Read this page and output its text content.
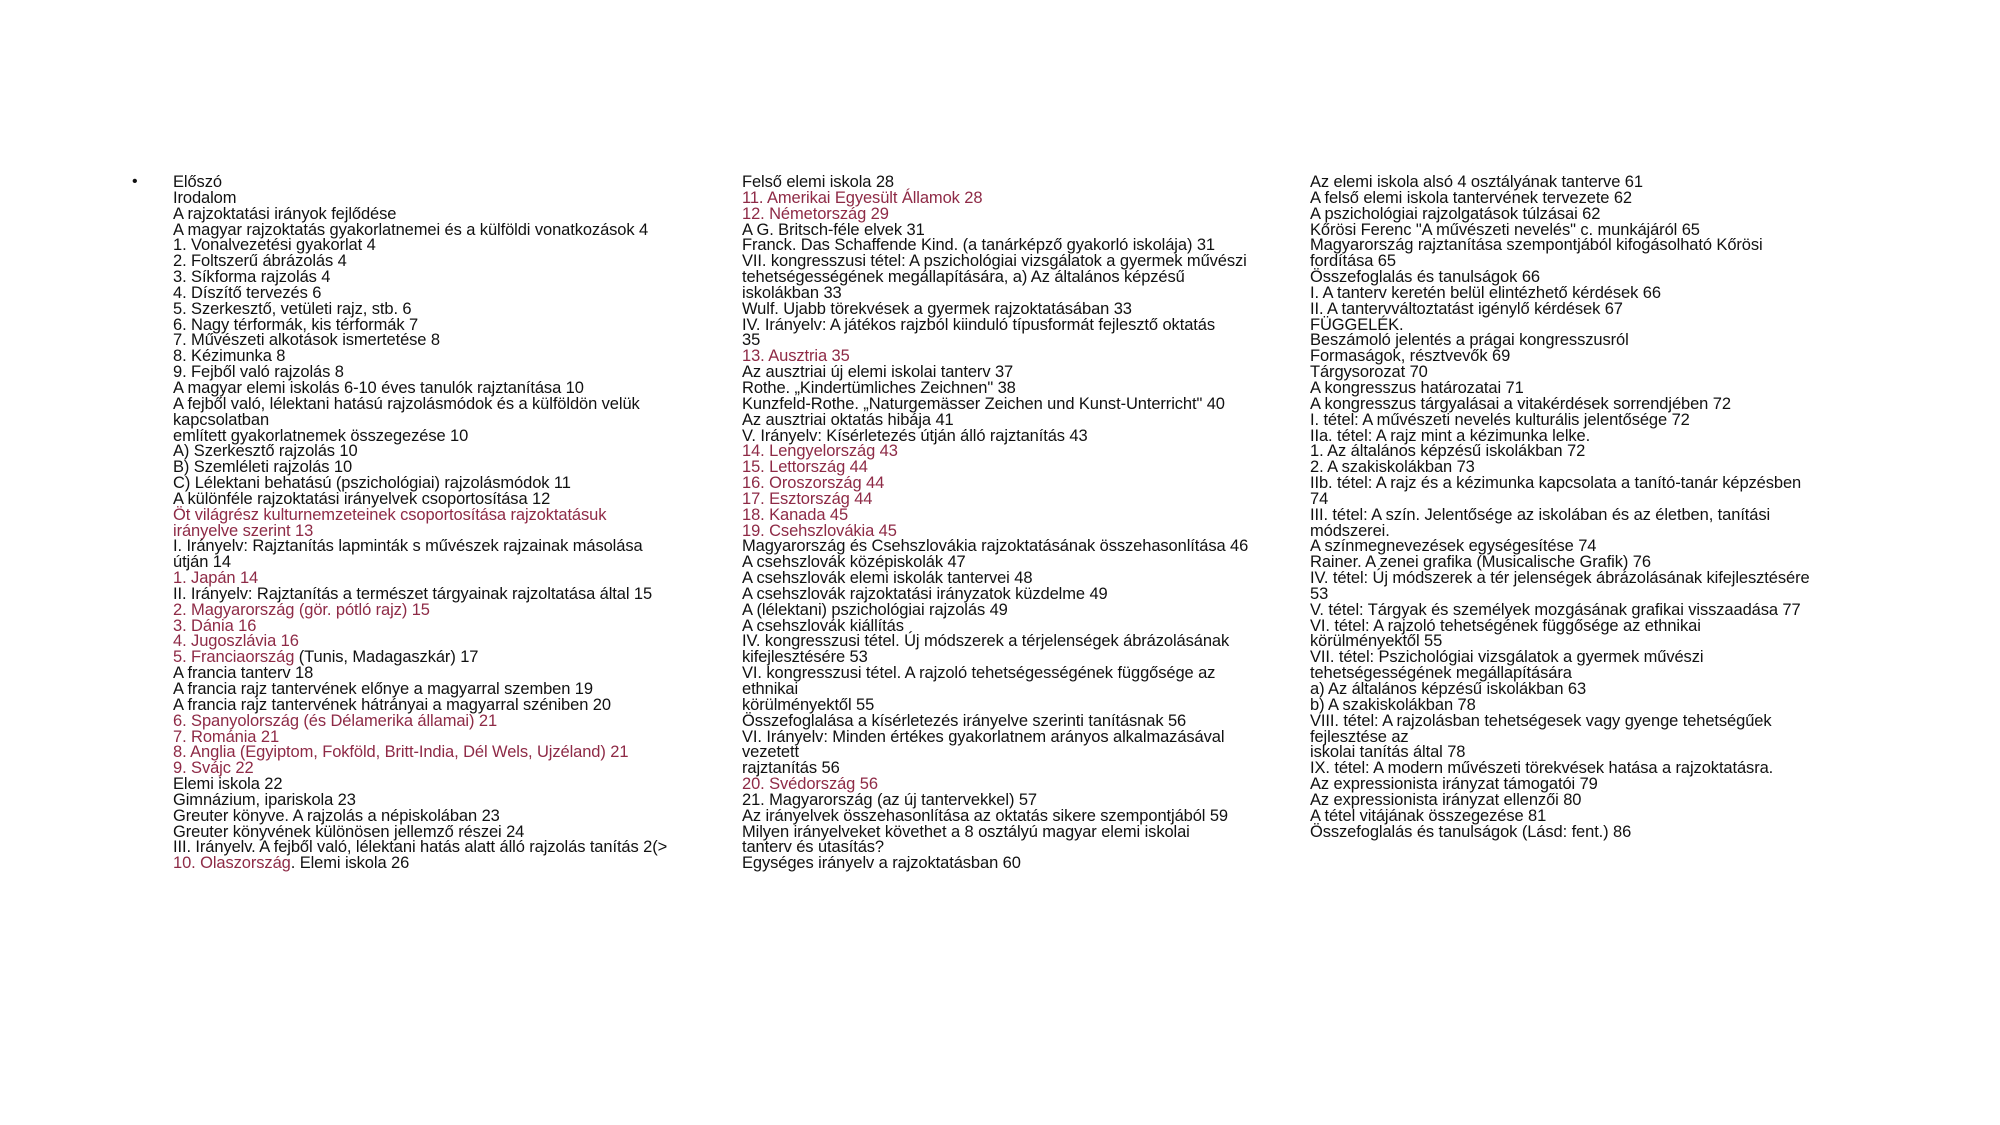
• Előszó
Irodalom
A rajzoktatási irányok fejlődése
A magyar rajzoktatás gyakorlatnemei és a külföldi vonatkozások 4
1. Vonalvezetési gyakorlat 4
2. Foltszerű ábrázolás 4
3. Síkforma rajzolás 4
4. Díszítő tervezés 6
5. Szerkesztő, vetületi rajz, stb. 6
6. Nagy térformák, kis térformák 7
7. Művészeti alkotások ismertetése 8
8. Kézimunka 8
9. Fejből való rajzolás 8
A magyar elemi iskolás 6-10 éves tanulók rajztanítása 10
A fejből való, lélektani hatású rajzolásmódok és a külföldön velük
kapcsolatban
említett gyakorlatnemek összegezése 10
A) Szerkesztő rajzolás 10
B) Szemléleti rajzolás 10
C) Lélektani behatású (pszichológiai) rajzolásmódok 11
A különféle rajzoktatási irányelvek csoportosítása 12
Öt világrész kulturnemzeteinek csoportosítása rajzoktatásuk
irányelve szerint 13
I. Irányelv: Rajztanítás lapminták s művészek rajzainak másolása
útján 14
1. Japán 14
II. Irányelv: Rajztanítás a természet tárgyainak rajzoltatása által 15
2. Magyarország (gör. pótló rajz) 15
3. Dánia 16
4. Jugoszlávia 16
5. Franciaország (Tunis, Madagaszkár) 17
A francia tanterv 18
A francia rajz tantervének előnye a magyarral szemben 19
A francia rajz tantervének hátrányai a magyarral széniben 20
6. Spanyolország (és Délamerika államai) 21
7. Románia 21
8. Anglia (Egyiptom, Fokföld, Britt-India, Dél Wels, Ujzéland) 21
9. Svájc 22
Elemi iskola 22
Gimnázium, ipariskola 23
Greuter könyve. A rajzolás a népiskolában 23
Greuter könyvének különösen jellemző részei 24
III. Irányelv. A fejből való, lélektani hatás alatt álló rajzolás tanítás 2(>
10. Olaszország. Elemi iskola 26
Felső elemi iskola 28
11. Amerikai Egyesült Államok 28
12. Németország 29
A G. Britsch-féle elvek 31
Franck. Das Schaffende Kind. (a tanárképző gyakorló iskolája) 31
VII. kongresszusi tétel: A pszichológiai vizsgálatok a gyermek művészi
tehetségességének megállapítására, a) Az általános képzésű
iskolákban 33
Wulf. Ujabb törekvések a gyermek rajzoktatásában 33
IV. Irányelv: A játékos rajzból kiinduló típusformát fejlesztő oktatás
35
13. Ausztria 35
Az ausztriai új elemi iskolai tanterv 37
Rothe. „Kindertümliches Zeichnen" 38
Kunzfeld-Rothe. „Naturgemässer Zeichen und Kunst-Unterricht" 40
Az ausztriai oktatás hibája 41
V. Irányelv: Kísérletezés útján álló rajztanítás 43
14. Lengyelország 43
15. Lettország 44
16. Oroszország 44
17. Esztország 44
18. Kanada 45
19. Csehszlovákia 45
Magyarország és Csehszlovákia rajzoktatásának összehasonlítása 46
A csehszlovák középiskolák 47
A csehszlovák elemi iskolák tantervei 48
A csehszlovák rajzoktatási irányzatok küzdelme 49
A (lélektani) pszichológiai rajzolás 49
A csehszlovák kiállítás
IV. kongresszusi tétel. Új módszerek a térjelenségek ábrázolásának
kifejlesztésére 53
VI. kongresszusi tétel. A rajzoló tehetségességének függősége az
ethnikai
körülményektől 55
Összefoglalása a kísérletezés irányelve szerinti tanításnak 56
VI. Irányelv: Minden értékes gyakorlatnem arányos alkalmazásával
vezetett
rajztanítás 56
20. Svédország 56
21. Magyarország (az új tantervekkel) 57
Az irányelvek összehasonlítása az oktatás sikere szempontjából 59
Milyen irányelveket követhet a 8 osztályú magyar elemi iskolai
tanterv és utasítás?
Egységes irányelv a rajzoktatásban 60
Az elemi iskola alsó 4 osztályának tanterve 61
A felső elemi iskola tantervének tervezete 62
A pszichológiai rajzolgatások túlzásai 62
Kőrösi Ferenc "A művészeti nevelés" c. munkájáról 65
Magyarország rajztanítása szempontjából kifogásolható Kőrösi
fordítása 65
Összefoglalás és tanulságok 66
I. A tanterv keretén belül elintézhető kérdések 66
II. A tantervváltoztatást igénylő kérdések 67
FÜGGELÉK.
Beszámoló jelentés a prágai kongresszusról
Formaságok, résztvevők 69
Tárgysorozat 70
A kongresszus határozatai 71
A kongresszus tárgyalásai a vitakérdések sorrendjében 72
I. tétel: A művészeti nevelés kulturális jelentősége 72
IIa. tétel: A rajz mint a kézimunka lelke.
1. Az általános képzésű iskolákban 72
2. A szakiskolákban 73
IIb. tétel: A rajz és a kézimunka kapcsolata a tanító-tanár képzésben
74
III. tétel: A szín. Jelentősége az iskolában és az életben, tanítási
módszerei.
A színmegnevezések egységesítése 74
Rainer. A zenei grafika (Musicalische Grafik) 76
IV. tétel: Új módszerek a tér jelenségek ábrázolásának kifejlesztésére
53
V. tétel: Tárgyak és személyek mozgásának grafikai visszaadása 77
VI. tétel: A rajzoló tehetségének függősége az ethnikai
körülményektől 55
VII. tétel: Pszichológiai vizsgálatok a gyermek művészi
tehetségességének megállapítására
a) Az általános képzésű iskolákban 63
b) A szakiskolákban 78
VIII. tétel: A rajzolásban tehetségesek vagy gyenge tehetségűek
fejlesztése az
iskolai tanítás által 78
IX. tétel: A modern művészeti törekvések hatása a rajzoktatásra.
Az expressionista irányzat támogatói 79
Az expressionista irányzat ellenzői 80
A tétel vitájának összegezése 81
Összefoglalás és tanulságok (Lásd: fent.) 86
